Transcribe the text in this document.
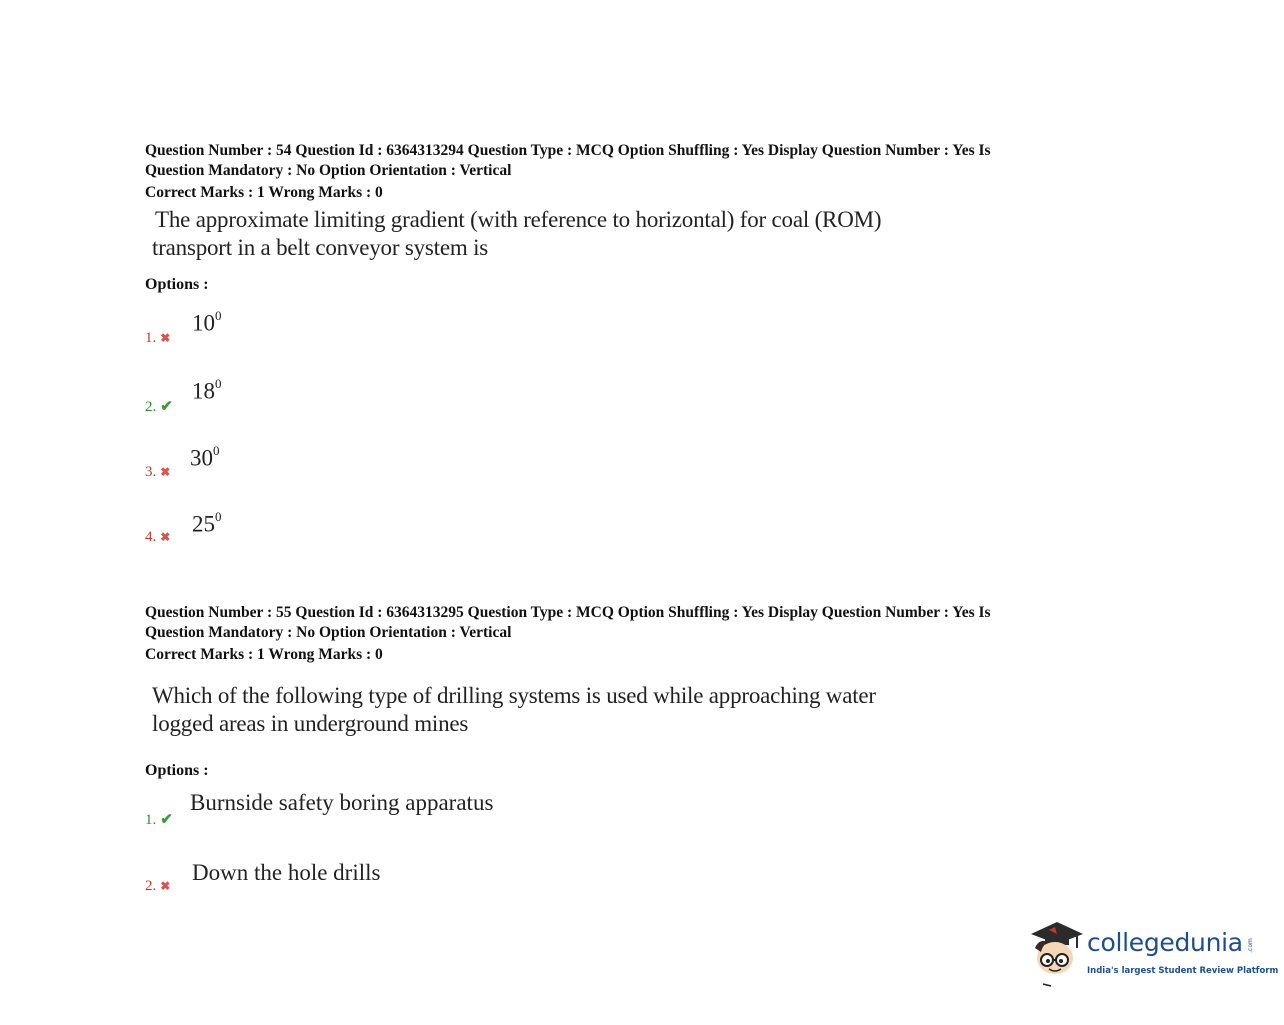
Question Number : 54 Question Id : 6364313294 Question Type : MCQ Option Shuffling : Yes Display Question Number : Yes Is
Question Mandatory : No Option Orientation : Vertical
Correct Marks : 1 Wrong Marks : 0
The approximate limiting gradient (with reference to horizontal) for coal (ROM)
transport in a belt conveyor system is
Options :
1. ✖
$10^0$
2. ✔
$18^0$
3. ✖
$30^0$
4. ✖
$25^0$
Question Number : 55 Question Id : 6364313295 Question Type : MCQ Option Shuffling : Yes Display Question Number : Yes Is
Question Mandatory : No Option Orientation : Vertical
Correct Marks : 1 Wrong Marks : 0
Which of the following type of drilling systems is used while approaching water
logged areas in underground mines
Options :
1. ✔
Burnside safety boring apparatus
2. ✖
Down the hole drills
collegedunia .com
India's largest Student Review Platform
